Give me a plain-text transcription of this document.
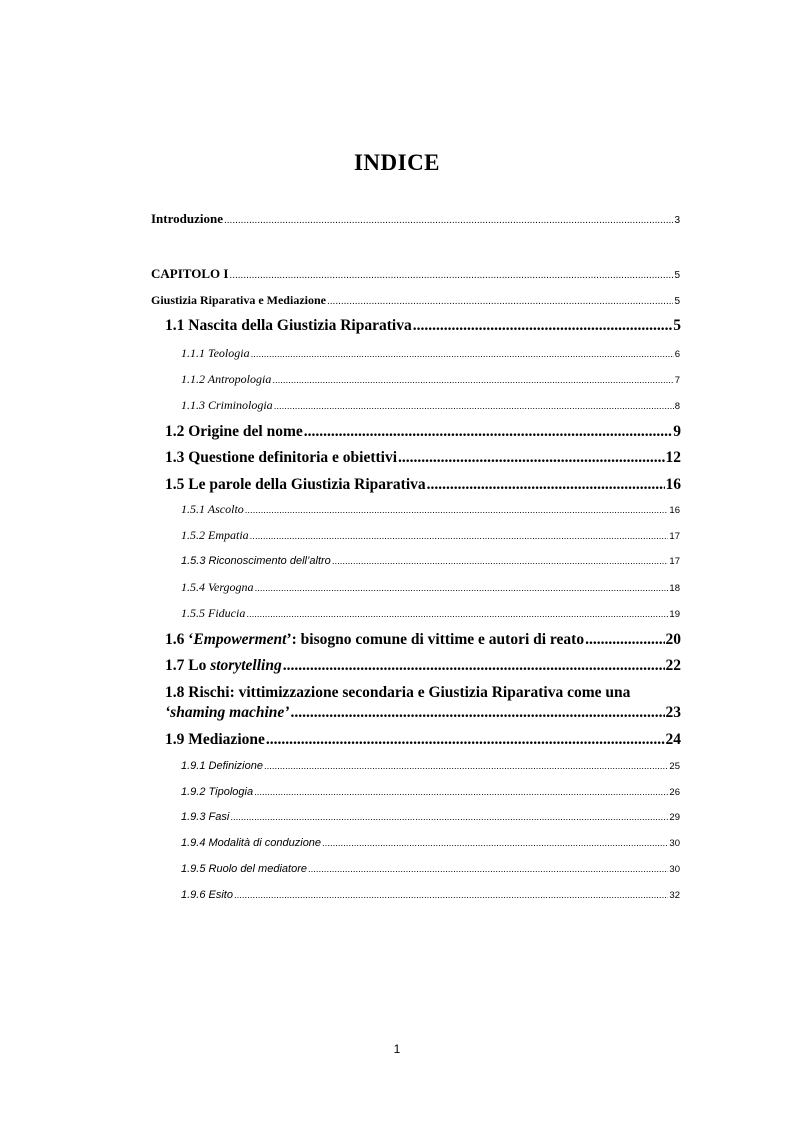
INDICE
Introduzione .....	3
CAPITOLO I .....	5
Giustizia Riparativa e Mediazione .....	5
1.1 Nascita della Giustizia Riparativa .....	5
1.1.1 Teologia .....	6
1.1.2 Antropologia .....	7
1.1.3 Criminologia .....	8
1.2 Origine del nome .....	9
1.3 Questione definitoria e obiettivi .....	12
1.5 Le parole della Giustizia Riparativa .....	16
1.5.1 Ascolto .....	16
1.5.2 Empatia .....	17
1.5.3 Riconoscimento dell’altro .....	17
1.5.4 Vergogna .....	18
1.5.5 Fiducia .....	19
1.6 ‘Empowerment’: bisogno comune di vittime e autori di reato .....	20
1.7 Lo storytelling .....	22
1.8 Rischi: vittimizzazione secondaria e Giustizia Riparativa come una
‘shaming machine’ .....	23
1.9 Mediazione .....	24
1.9.1 Definizione .....	25
1.9.2 Tipologia .....	26
1.9.3 Fasi .....	29
1.9.4 Modalità di conduzione .....	30
1.9.5 Ruolo del mediatore .....	30
1.9.6 Esito .....	32
1
